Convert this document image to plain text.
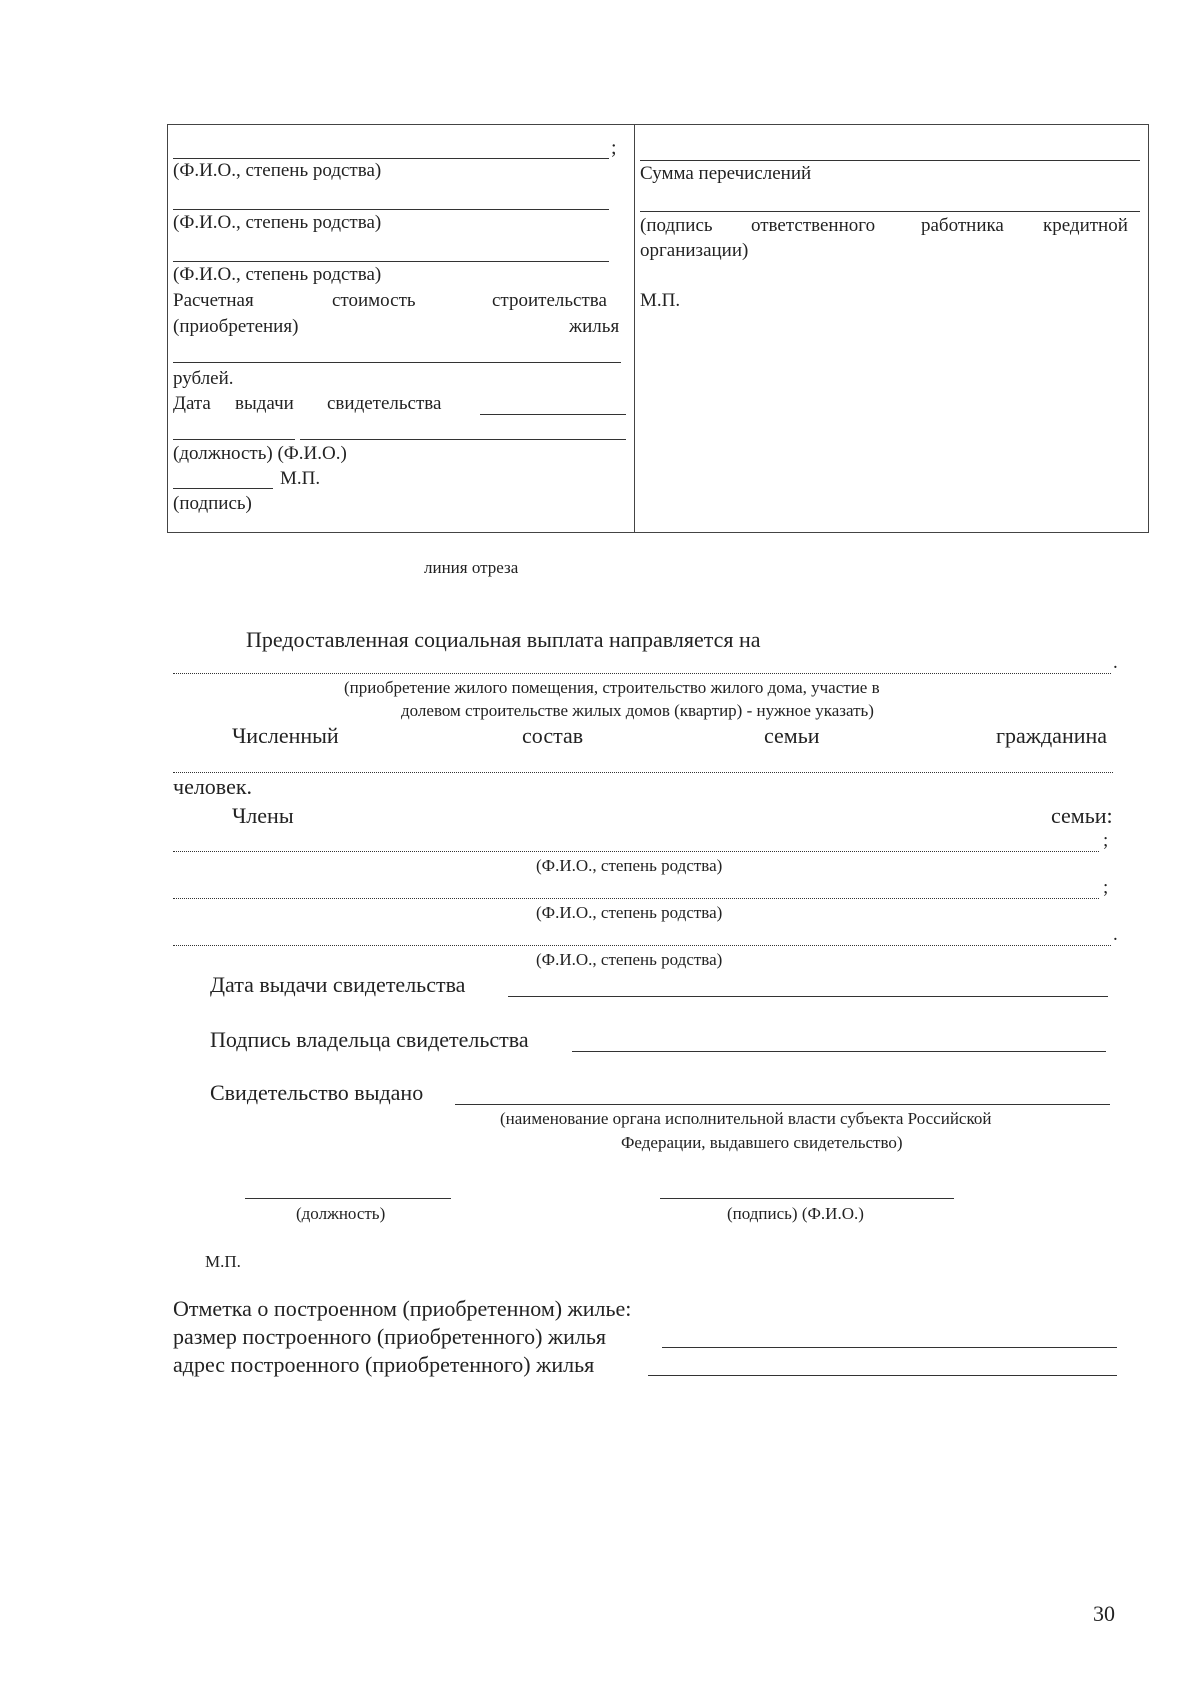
;
(Ф.И.О., степень родства)
(Ф.И.О., степень родства)
(Ф.И.О., степень родства)
Расчетная	стоимость	строительства
(приобретения)	жилья
рублей.
Дата выдачи свидетельства
(должность) (Ф.И.О.)
М.П.
(подпись)
Сумма перечислений
(подпись ответственного работника кредитной
организации)
М.П.
линия отреза
Предоставленная социальная выплата направляется на
.
(приобретение жилого помещения, строительство жилого дома, участие в
долевом строительстве жилых домов (квартир) - нужное указать)
Численный	состав	семьи	гражданина
человек.
Члены	семьи:
;
(Ф.И.О., степень родства)
;
(Ф.И.О., степень родства)
.
(Ф.И.О., степень родства)
Дата выдачи свидетельства
Подпись владельца свидетельства
Свидетельство выдано
(наименование органа исполнительной власти субъекта Российской
Федерации, выдавшего свидетельство)
(должность)	(подпись) (Ф.И.О.)
М.П.
Отметка о построенном (приобретенном) жилье:
размер построенного (приобретенного) жилья
адрес построенного (приобретенного) жилья
30
